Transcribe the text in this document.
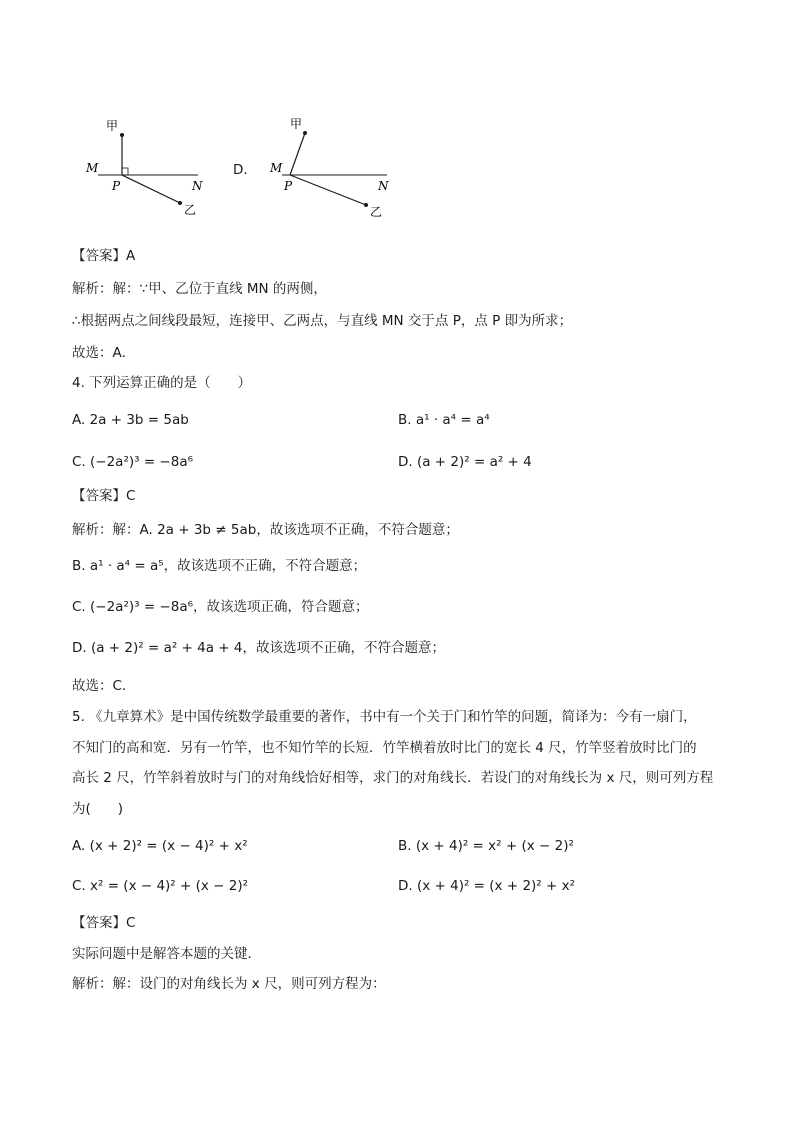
甲
M
P	N
乙
D.
甲
M
P	N
乙
【答案】A
解析：解：∵甲、乙位于直线 MN 的两侧，
∴根据两点之间线段最短，连接甲、乙两点，与直线 MN 交于点 P，点 P 即为所求；
故选：A．
4. 下列运算正确的是（　　）
A. 2a + 3b = 5ab	B. a¹ · a⁴ = a⁴
C. (−2a²)³ = −8a⁶	D. (a + 2)² = a² + 4
【答案】C
解析：解：A. 2a + 3b ≠ 5ab，故该选项不正确，不符合题意；
B. a¹ · a⁴ = a⁵，故该选项不正确，不符合题意；
C. (−2a²)³ = −8a⁶，故该选项正确，符合题意；
D. (a + 2)² = a² + 4a + 4，故该选项不正确，不符合题意；
故选：C．
5. 《九章算术》是中国传统数学最重要的著作，书中有一个关于门和竹竿的问题，简译为：今有一扇门，
不知门的高和宽．另有一竹竿，也不知竹竿的长短．竹竿横着放时比门的宽长 4 尺，竹竿竖着放时比门的
高长 2 尺，竹竿斜着放时与门的对角线恰好相等，求门的对角线长．若设门的对角线长为 x 尺，则可列方程
为(　　)
A. (x + 2)² = (x − 4)² + x²	B. (x + 4)² = x² + (x − 2)²
C. x² = (x − 4)² + (x − 2)²	D. (x + 4)² = (x + 2)² + x²
【答案】C
实际问题中是解答本题的关键．
解析：解：设门的对角线长为 x 尺，则可列方程为：
